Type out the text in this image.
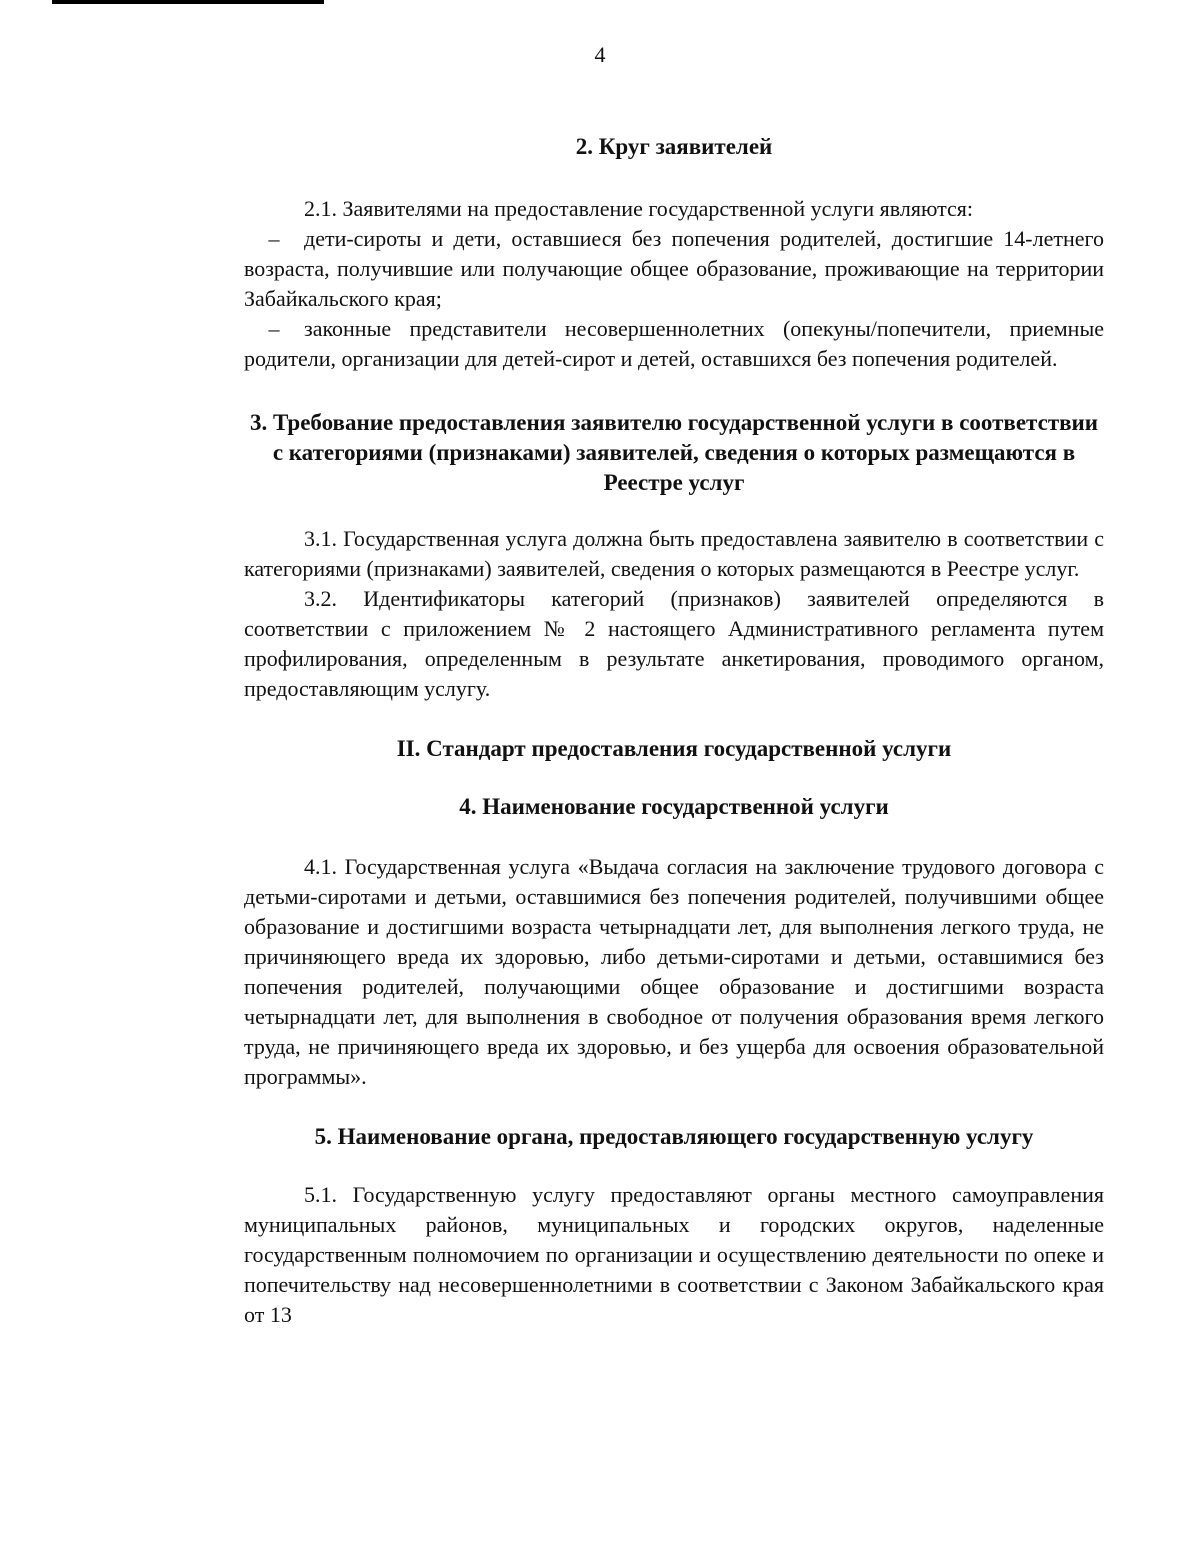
4
2. Круг заявителей

2.1. Заявителями на предоставление государственной услуги являются:

– дети-сироты и дети, оставшиеся без попечения родителей, достигшие 14-летнего возраста, получившие или получающие общее образование, проживающие на территории Забайкальского края;

– законные представители несовершеннолетних (опекуны/попечители, приемные родители, организации для детей-сирот и детей, оставшихся без попечения родителей.

3. Требование предоставления заявителю государственной услуги в соответствии с категориями (признаками) заявителей, сведения о которых размещаются в Реестре услуг

3.1. Государственная услуга должна быть предоставлена заявителю в соответствии с категориями (признаками) заявителей, сведения о которых размещаются в Реестре услуг.

3.2. Идентификаторы категорий (признаков) заявителей определяются в соответствии с приложением № 2 настоящего Административного регламента путем профилирования, определенным в результате анкетирования, проводимого органом, предоставляющим услугу.

II. Стандарт предоставления государственной услуги
4. Наименование государственной услуги

4.1. Государственная услуга «Выдача согласия на заключение трудового договора с детьми-сиротами и детьми, оставшимися без попечения родителей, получившими общее образование и достигшими возраста четырнадцати лет, для выполнения легкого труда, не причиняющего вреда их здоровью, либо детьми-сиротами и детьми, оставшимися без попечения родителей, получающими общее образование и достигшими возраста четырнадцати лет, для выполнения в свободное от получения образования время легкого труда, не причиняющего вреда их здоровью, и без ущерба для освоения образовательной программы».

5. Наименование органа, предоставляющего государственную услугу

5.1. Государственную услугу предоставляют органы местного самоуправления муниципальных районов, муниципальных и городских округов, наделенные государственным полномочием по организации и осуществлению деятельности по опеке и попечительству над несовершеннолетними в соответствии с Законом Забайкальского края от 13
